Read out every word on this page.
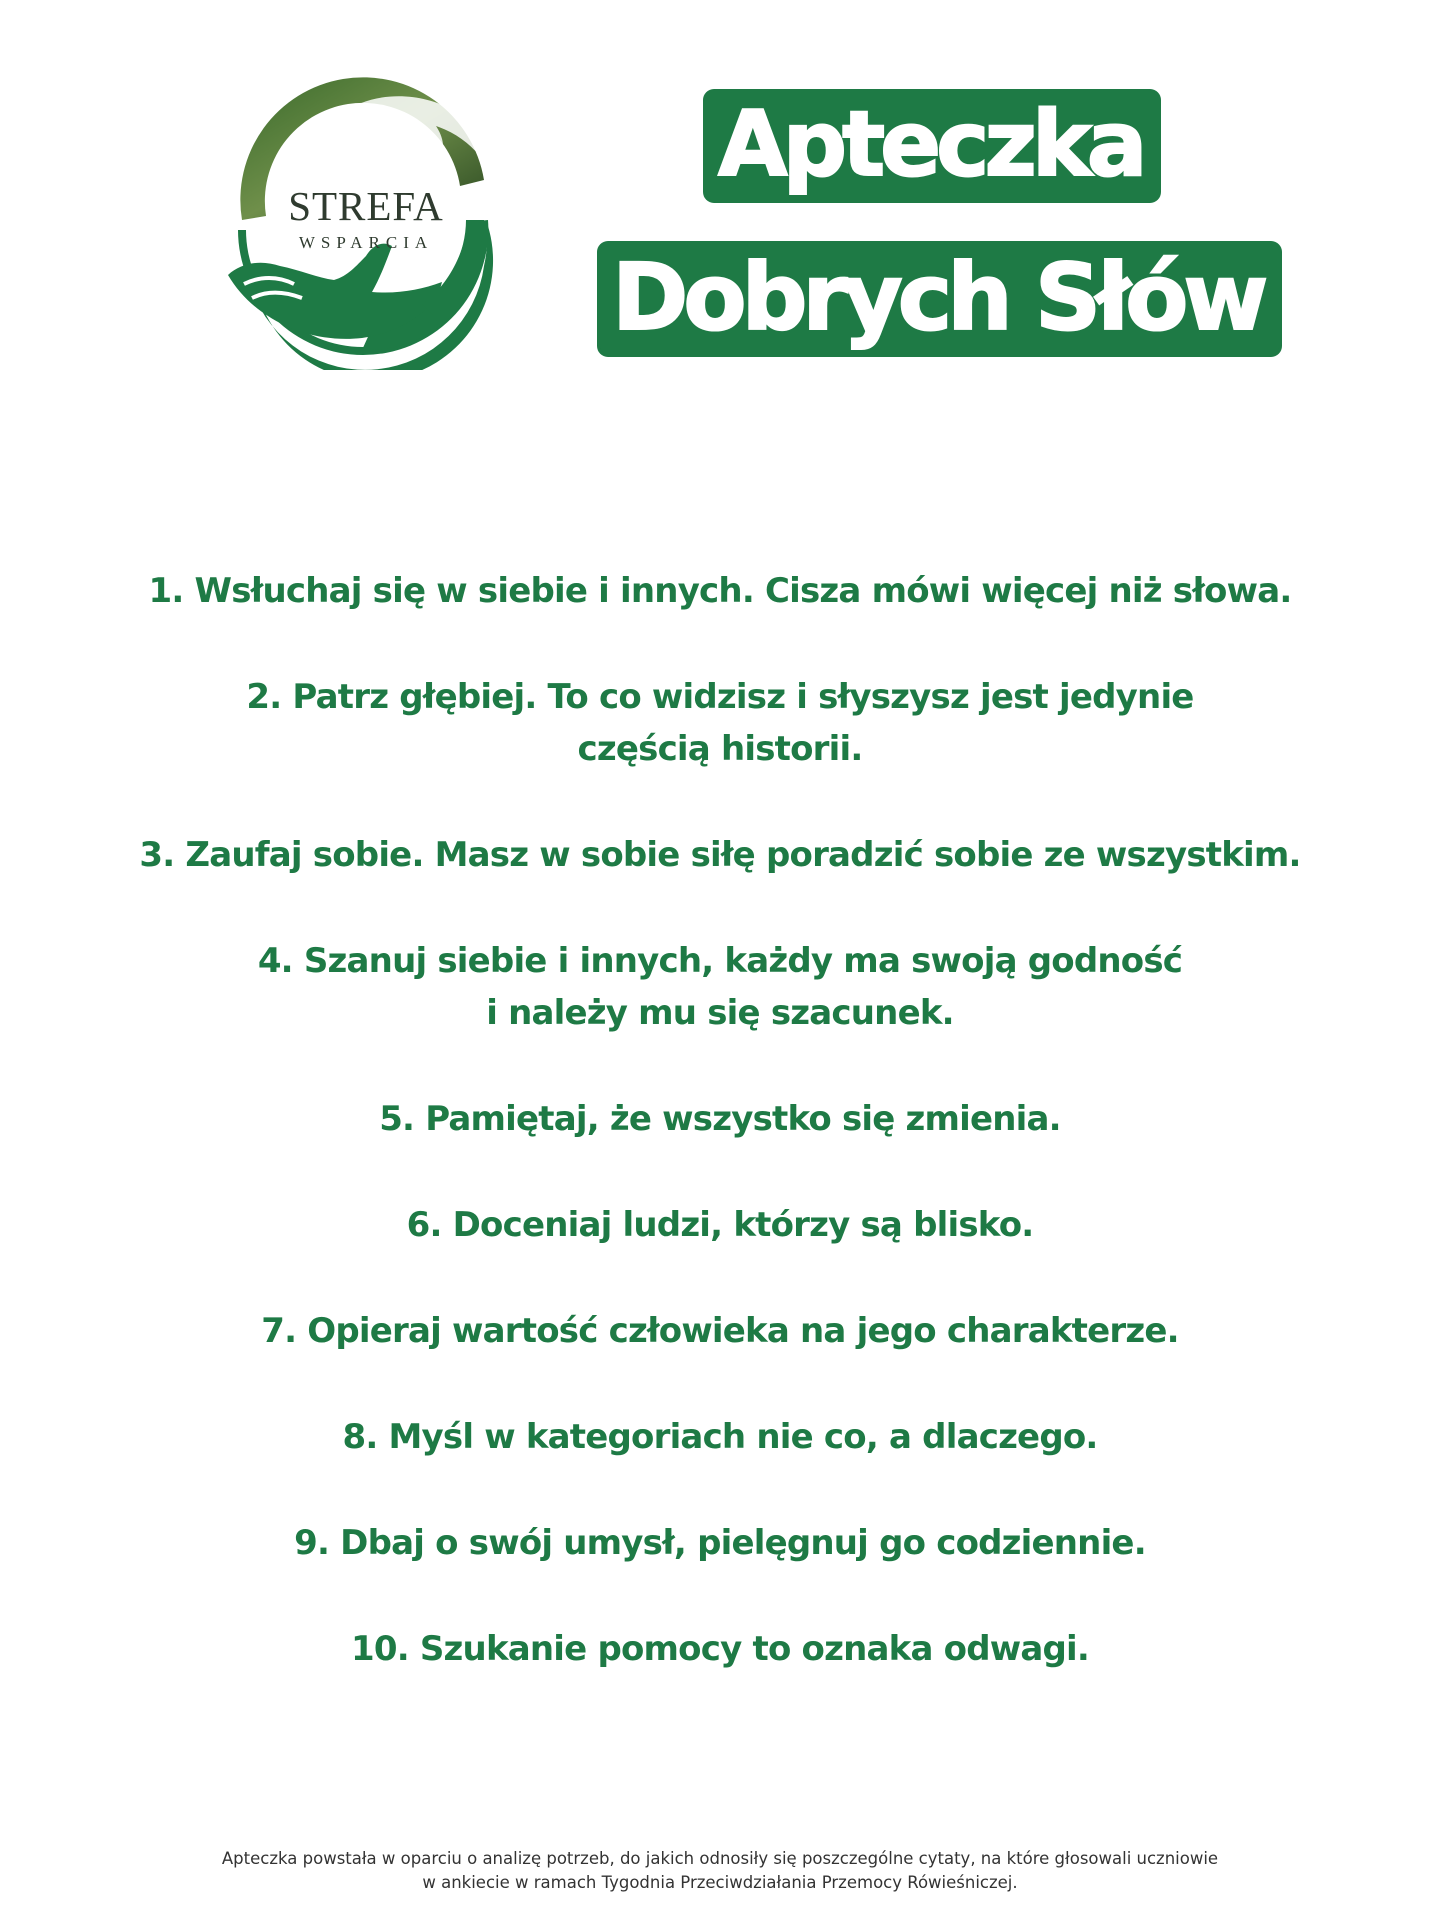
STREFA
WSPARCIA
Apteczka
Dobrych Słów
1. Wsłuchaj się w siebie i innych. Cisza mówi więcej niż słowa.
2. Patrz głębiej. To co widzisz i słyszysz jest jedynie
częścią historii.
3. Zaufaj sobie. Masz w sobie siłę poradzić sobie ze wszystkim.
4. Szanuj siebie i innych, każdy ma swoją godność
i należy mu się szacunek.
5. Pamiętaj, że wszystko się zmienia.
6. Doceniaj ludzi, którzy są blisko.
7. Opieraj wartość człowieka na jego charakterze.
8. Myśl w kategoriach nie co, a dlaczego.
9. Dbaj o swój umysł, pielęgnuj go codziennie.
10. Szukanie pomocy to oznaka odwagi.
Apteczka powstała w oparciu o analizę potrzeb, do jakich odnosiły się poszczególne cytaty, na które głosowali uczniowie
w ankiecie w ramach Tygodnia Przeciwdziałania Przemocy Rówieśniczej.
